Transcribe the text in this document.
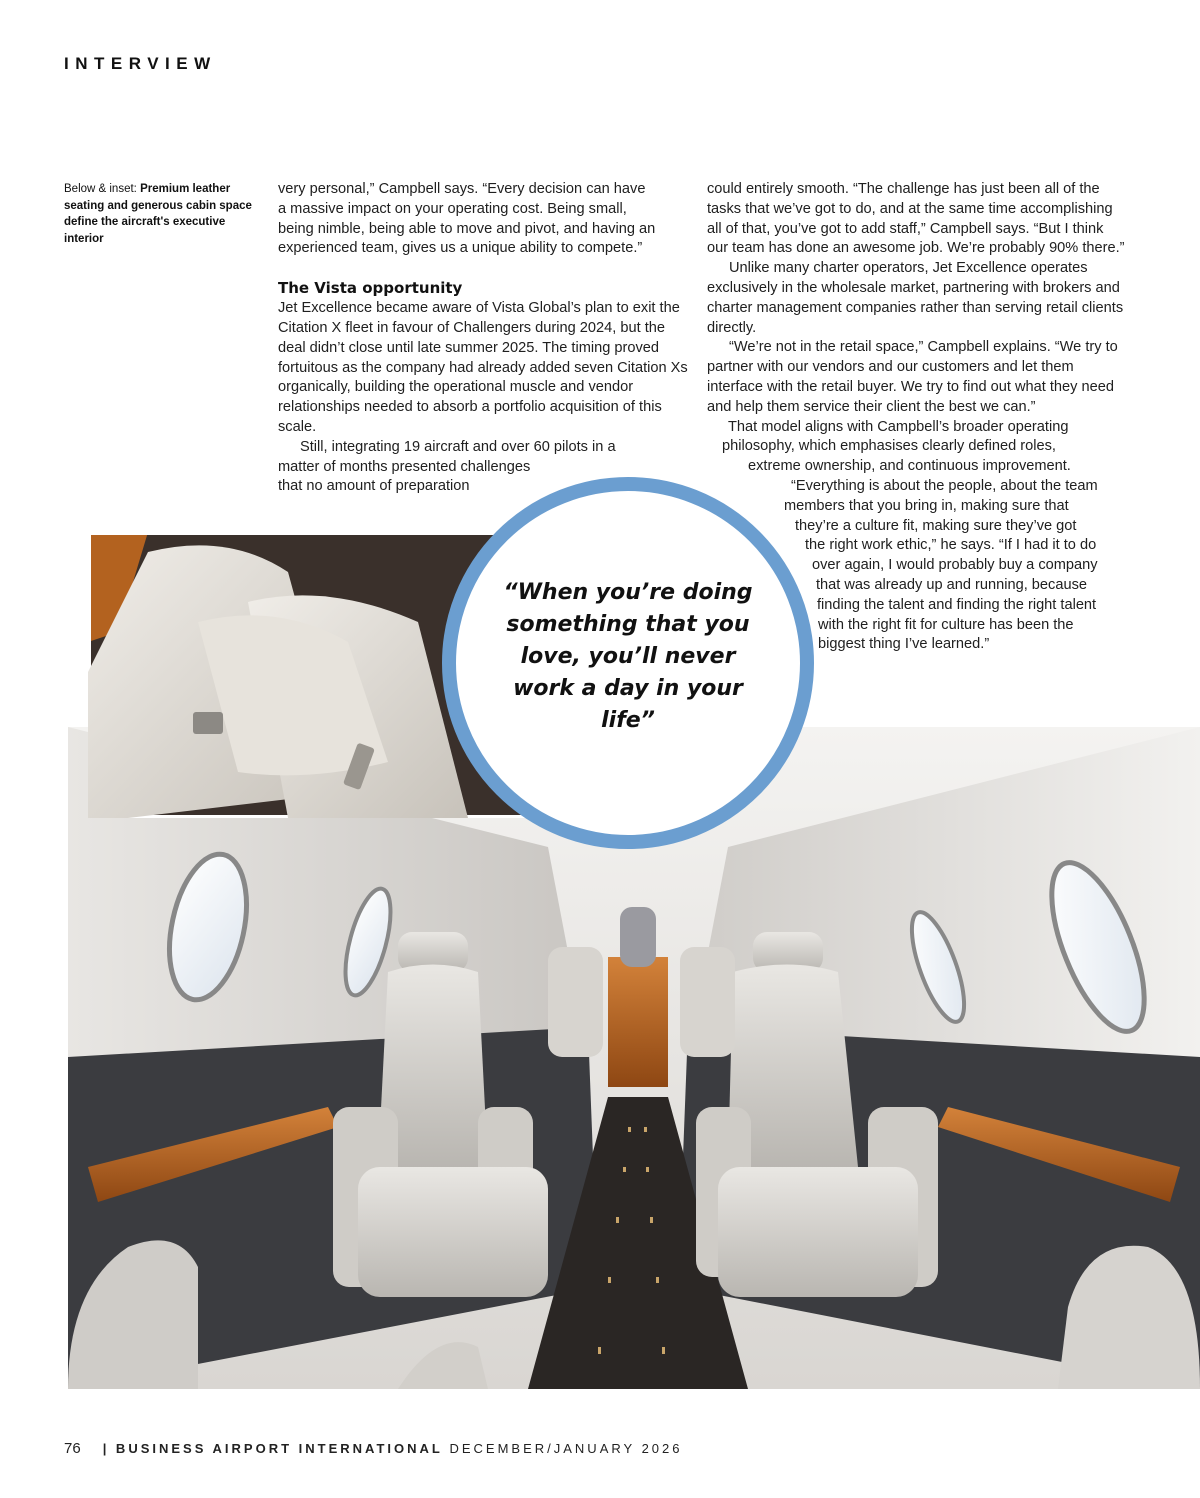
INTERVIEW
Below & inset: Premium leather seating and generous cabin space define the aircraft's executive interior

very personal,” Campbell says. “Every decision can have
a massive impact on your operating cost. Being small,
being nimble, being able to move and pivot, and having an
experienced team, gives us a unique ability to compete.”

The Vista opportunity

Jet Excellence became aware of Vista Global’s plan to exit the Citation X fleet in favour of Challengers during 2024, but the deal didn’t close until late summer 2025. The timing proved fortuitous as the company had already added seven Citation Xs organically, building the operational muscle and vendor relationships needed to absorb a portfolio acquisition of this scale.

Still, integrating 19 aircraft and over 60 pilots in a
matter of months presented challenges
that no amount of preparation

could entirely smooth. “The challenge has just been all of the tasks that we’ve got to do, and at the same time accomplishing all of that, you’ve got to add staff,” Campbell says. “But I think our team has done an awesome job. We’re probably 90% there.”

Unlike many charter operators, Jet Excellence operates exclusively in the wholesale market, partnering with brokers and charter management companies rather than serving retail clients directly.

“We’re not in the retail space,” Campbell explains. “We try to partner with our vendors and our customers and let them interface with the retail buyer. We try to find out what they need and help them service their client the best we can.”

That model aligns with Campbell’s broader operating
philosophy, which emphasises clearly defined roles,
extreme ownership, and continuous improvement.
“Everything is about the people, about the team
members that you bring in, making sure that
they’re a culture fit, making sure they’ve got
the right work ethic,” he says. “If I had it to do
over again, I would probably buy a company
that was already up and running, because
finding the talent and finding the right talent
with the right fit for culture has been the
biggest thing I’ve learned.”

“When you’re doing something that you love, you’ll never work a day in your life”
76 | BUSINESS AIRPORT INTERNATIONAL DECEMBER/JANUARY 2026
